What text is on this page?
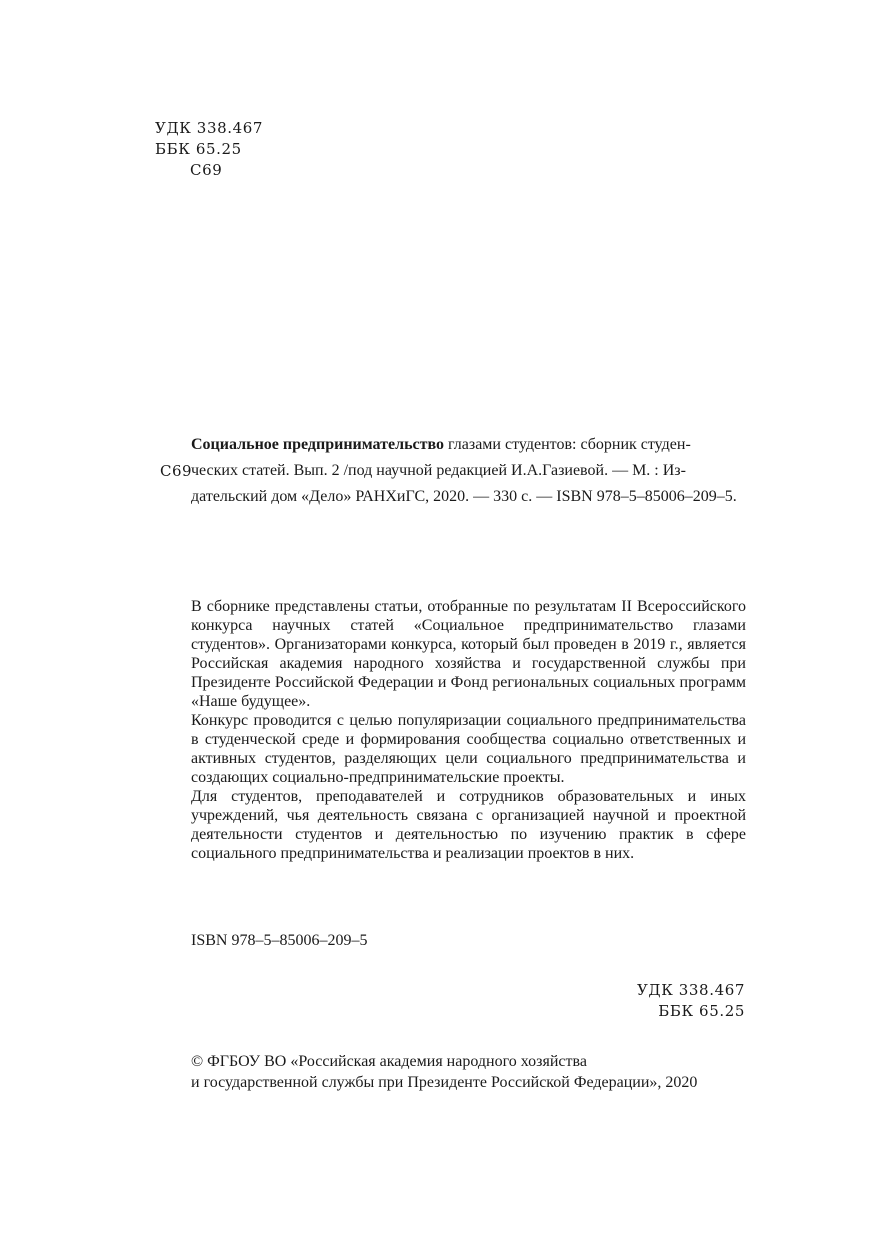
УДК 338.467
ББК 65.25
С69
С69
Социальное предпринимательство глазами студентов: сборник студен-
ческих статей. Вып. 2 /под научной редакцией И.А.Газиевой. — М. : Из-
дательский дом «Дело» РАНХиГС, 2020. — 330 с. — ISBN 978–5–85006–209–5.

В сборнике представлены статьи, отобранные по результатам II Всероссийского конкурса научных статей «Социальное предпринимательство глазами студентов». Организаторами конкурса, который был проведен в 2019 г., является Российская академия народного хозяйства и государственной службы при Президенте Российской Федерации и Фонд региональных социальных программ «Наше будущее».

Конкурс проводится с целью популяризации социального предпринимательства в студенческой среде и формирования сообщества социально ответственных и активных студентов, разделяющих цели социального предпринимательства и создающих социально-предпринимательские проекты.

Для студентов, преподавателей и сотрудников образовательных и иных учреждений, чья деятельность связана с организацией научной и проектной деятельности студентов и деятельностью по изучению практик в сфере социального предпринимательства и реализации проектов в них.

ISBN 978–5–85006–209–5
УДК 338.467
ББК 65.25
© ФГБОУ ВО «Российская академия народного хозяйства
и государственной службы при Президенте Российской Федерации», 2020
